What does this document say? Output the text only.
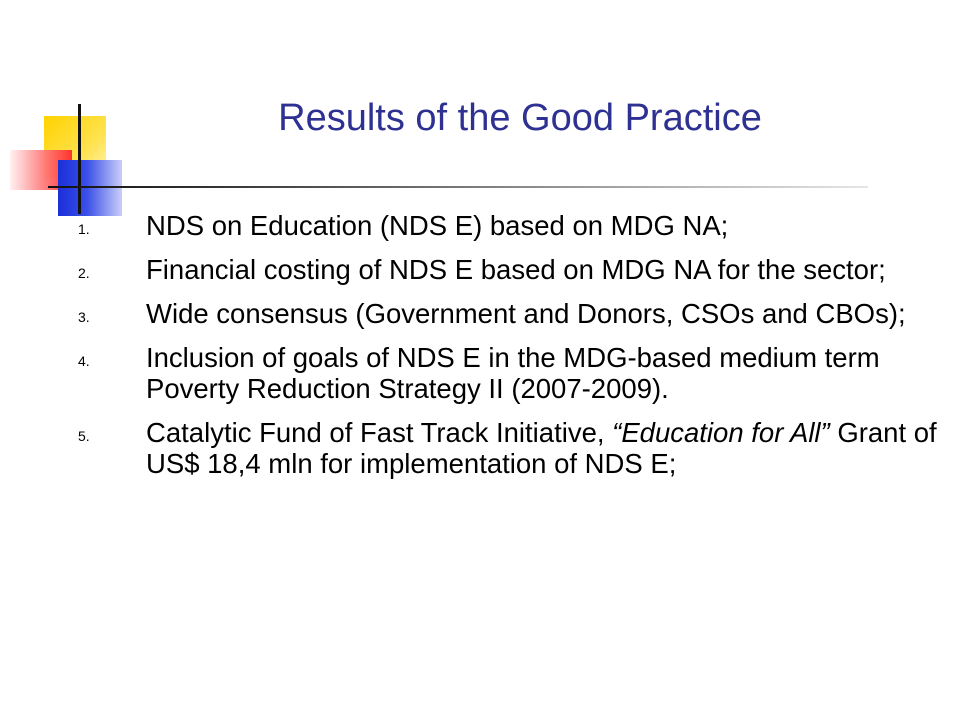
Results of the Good Practice
1. NDS on Education (NDS E) based on MDG NA;
2. Financial costing of NDS E based on MDG NA for the sector;
3. Wide consensus (Government and Donors, CSOs and CBOs);
4. Inclusion of goals of NDS E in the MDG-based medium term Poverty Reduction Strategy II (2007-2009).
5. Catalytic Fund of Fast Track Initiative, “Education for All” Grant of US$ 18,4 mln for implementation of NDS E;
